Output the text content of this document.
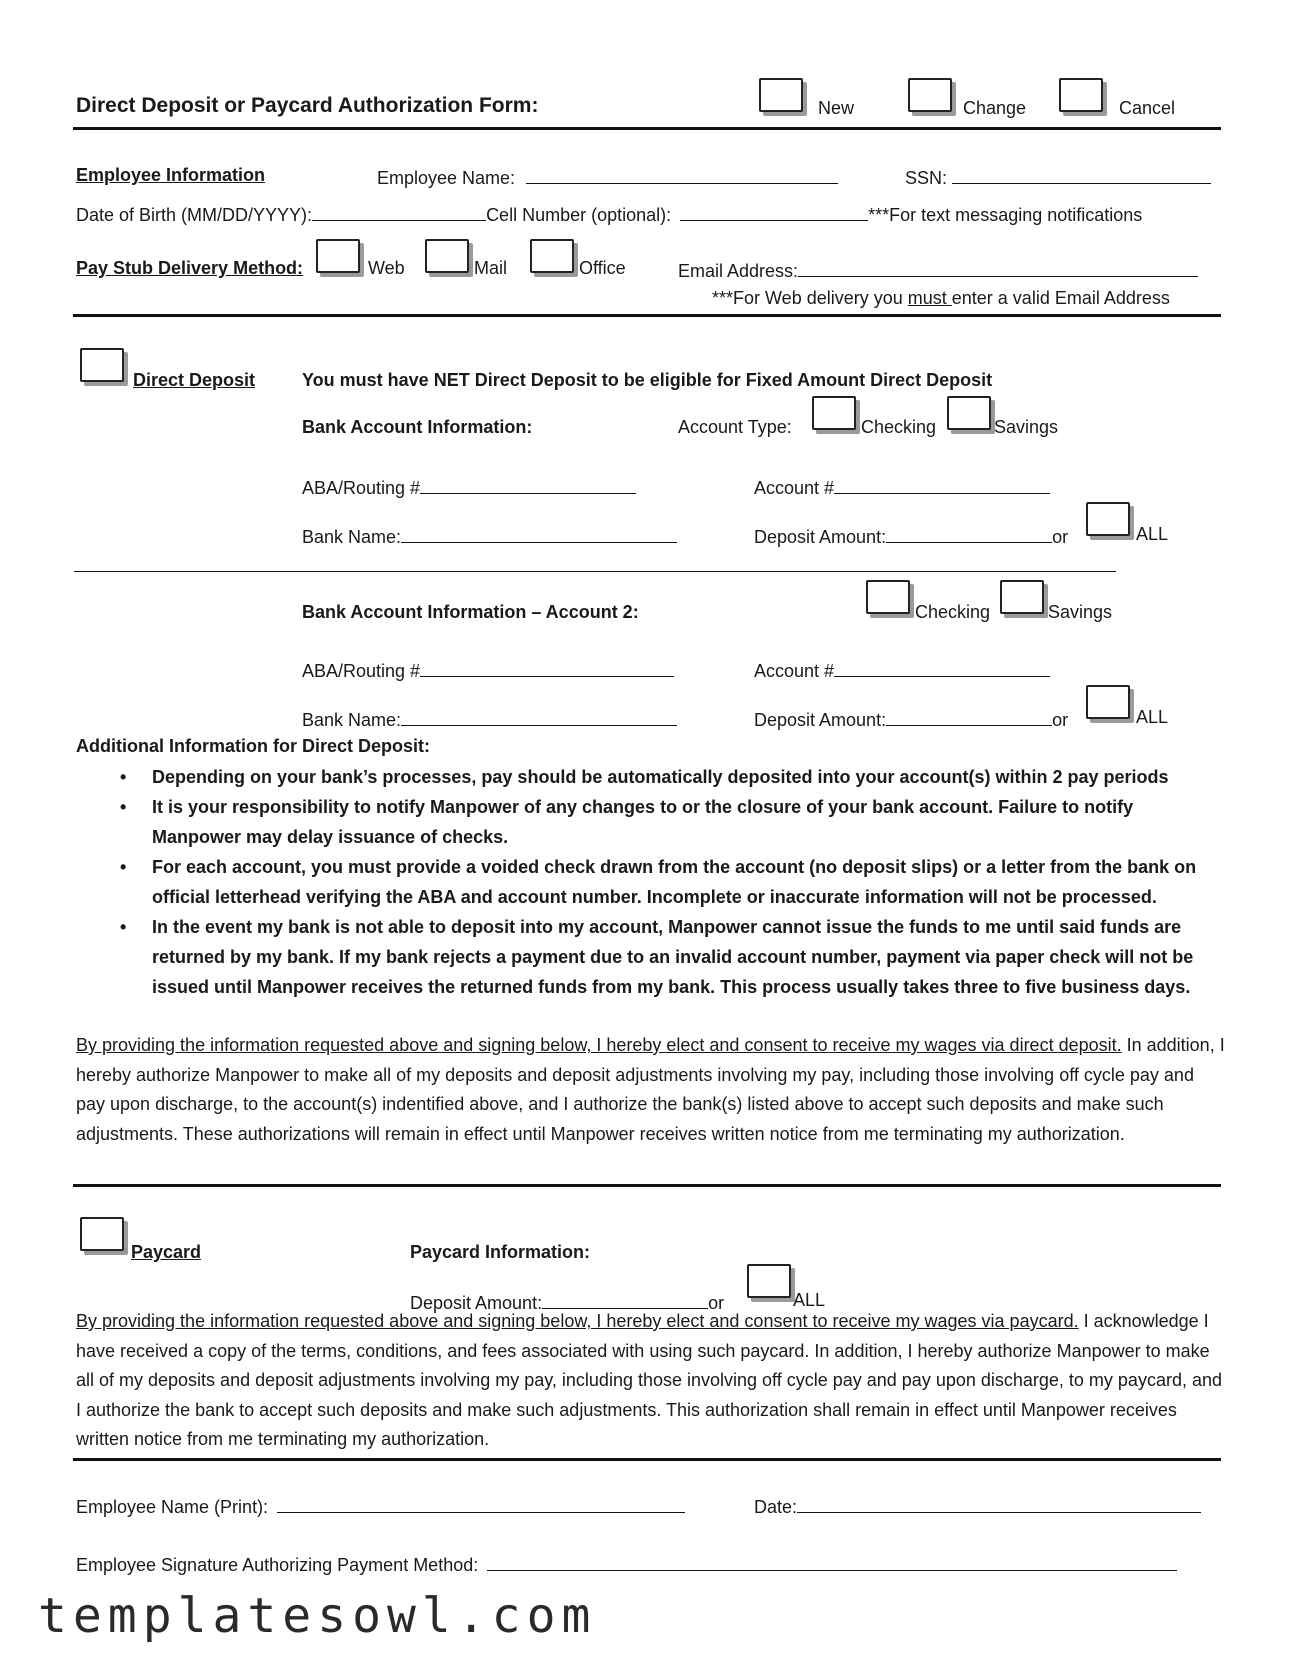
Direct Deposit or Paycard Authorization Form:	New	Change	Cancel
Employee Information	Employee Name:	SSN:
Date of Birth (MM/DD/YYYY):	Cell Number (optional):	***For text messaging notifications
Pay Stub Delivery Method:	Web	Mail	Office	Email Address:
***For Web delivery you must enter a valid Email Address
Direct Deposit	You must have NET Direct Deposit to be eligible for Fixed Amount Direct Deposit
Bank Account Information:	Account Type:	Checking	Savings
ABA/Routing #	Account #
Bank Name:	Deposit Amount:	or	ALL
Bank Account Information – Account 2:	Checking	Savings
ABA/Routing #	Account #
Bank Name:	Deposit Amount:	or	ALL
Additional Information for Direct Deposit:
• Depending on your bank’s processes, pay should be automatically deposited into your account(s) within 2 pay periods
• It is your responsibility to notify Manpower of any changes to or the closure of your bank account. Failure to notify Manpower may delay issuance of checks.
• For each account, you must provide a voided check drawn from the account (no deposit slips) or a letter from the bank on official letterhead verifying the ABA and account number. Incomplete or inaccurate information will not be processed.
• In the event my bank is not able to deposit into my account, Manpower cannot issue the funds to me until said funds are returned by my bank. If my bank rejects a payment due to an invalid account number, payment via paper check will not be issued until Manpower receives the returned funds from my bank. This process usually takes three to five business days.
By providing the information requested above and signing below, I hereby elect and consent to receive my wages via direct deposit. In addition, I hereby authorize Manpower to make all of my deposits and deposit adjustments involving my pay, including those involving off cycle pay and pay upon discharge, to the account(s) indentified above, and I authorize the bank(s) listed above to accept such deposits and make such adjustments. These authorizations will remain in effect until Manpower receives written notice from me terminating my authorization.
Paycard	Paycard Information:
Deposit Amount:	or	ALL
By providing the information requested above and signing below, I hereby elect and consent to receive my wages via paycard. I acknowledge I have received a copy of the terms, conditions, and fees associated with using such paycard. In addition, I hereby authorize Manpower to make all of my deposits and deposit adjustments involving my pay, including those involving off cycle pay and pay upon discharge, to my paycard, and I authorize the bank to accept such deposits and make such adjustments. This authorization shall remain in effect until Manpower receives written notice from me terminating my authorization.
Employee Name (Print):	Date:
Employee Signature Authorizing Payment Method:
templatesowl.com
